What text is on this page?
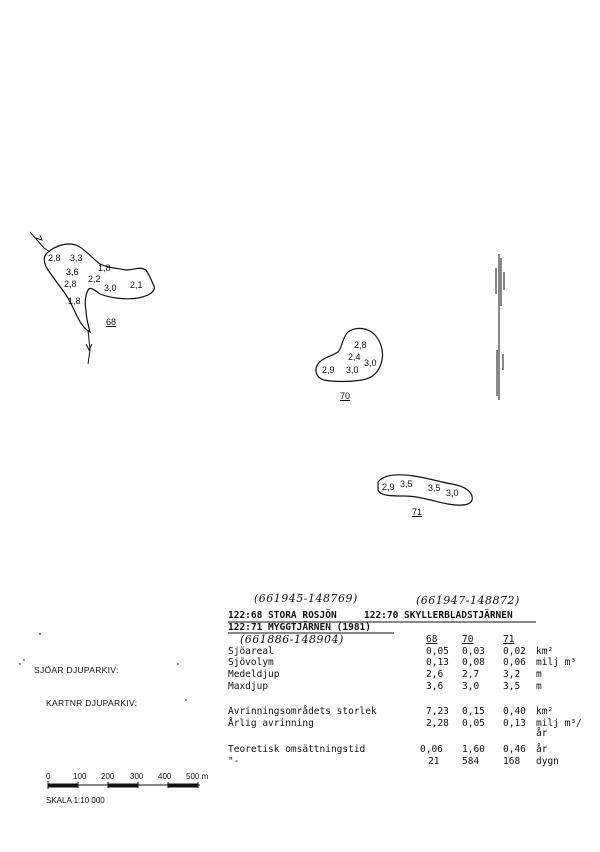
2,8 3,3
3,6
2,8 2,2
1,8
3,0 2,1
1,8
68
2,8
2,4
3,0
2,9 3,0
70
2,9 3,5 3,5 3,0
71
(661945-148769)	(661947-148872)
(661886-148904)
122:68 STORA ROSJÖN	122:70 SKYLLERBLADSTJÄRNEN
122:71 MYGGTJÄRNEN (1981)
68	70	71
Sjöareal	0,05 0,03 0,02 km²
Sjövolym	0,13 0,08 0,06 milj m³
Medeldjup	2,6 2,7	3,2 m
Maxdjup	3,6 3,0	3,5 m
Avrinningsområdets storlek	7,23 0,15 0,40 km²
Årlig avrinning	2,28 0,05 0,13 milj m³/år
Teoretisk omsättningstid	0,06 1,60 0,46 år
"-	21 584	168 dygn
SJÖAR DJUPARKIV:
KARTNR DJUPARKIV:
0	100 200 300 400 500 m
SKALA 1:10 000
